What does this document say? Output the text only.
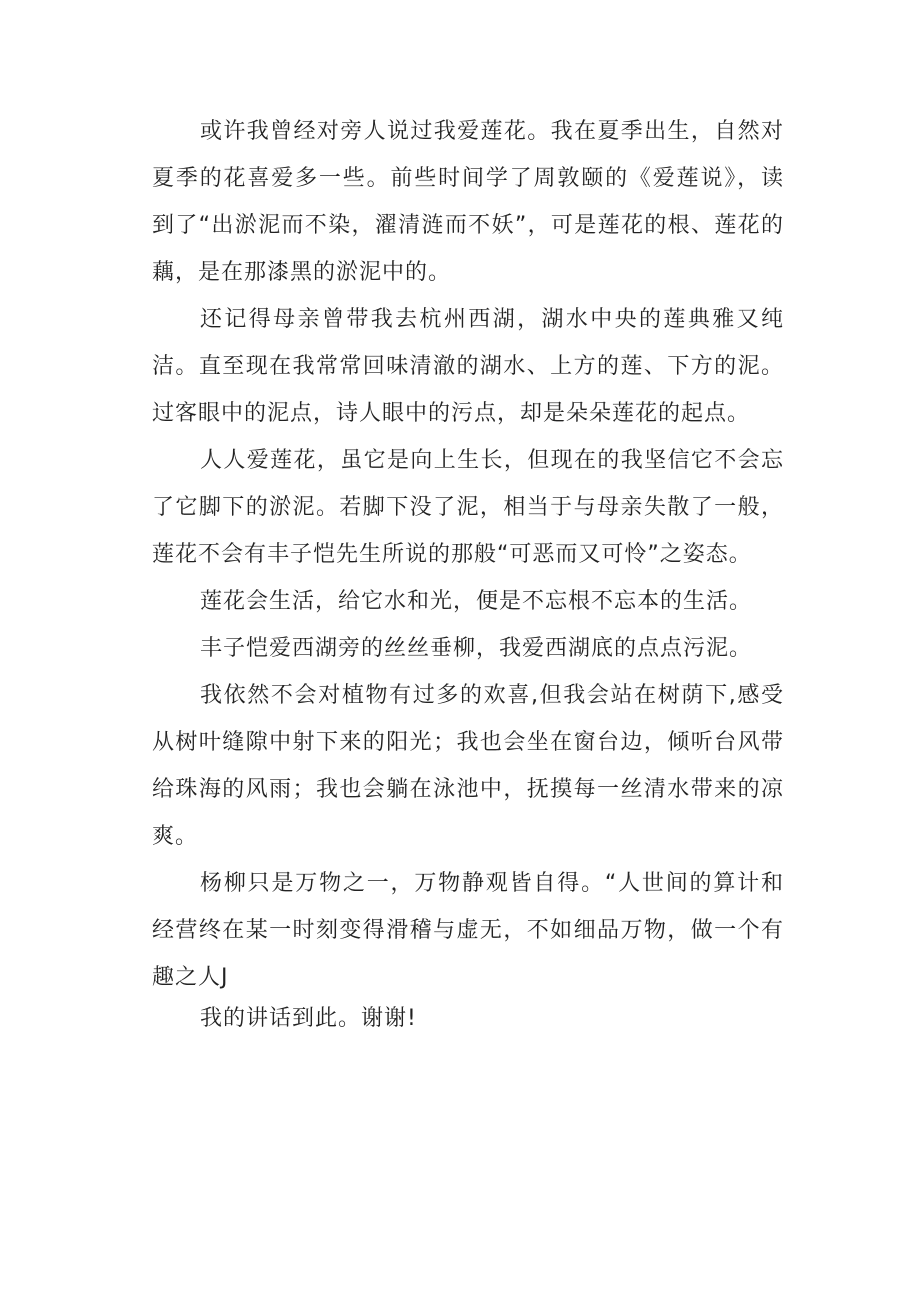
或许我曾经对旁人说过我爱莲花。我在夏季出生，自然对夏季的花喜爱多一些。前些时间学了周敦颐的《爱莲说》，读到了“出淤泥而不染，濯清涟而不妖”，可是莲花的根、莲花的藕，是在那漆黑的淤泥中的。

还记得母亲曾带我去杭州西湖，湖水中央的莲典雅又纯洁。直至现在我常常回味清澈的湖水、上方的莲、下方的泥。过客眼中的泥点，诗人眼中的污点，却是朵朵莲花的起点。

人人爱莲花，虽它是向上生长，但现在的我坚信它不会忘了它脚下的淤泥。若脚下没了泥，相当于与母亲失散了一般，莲花不会有丰子恺先生所说的那般“可恶而又可怜”之姿态。

莲花会生活，给它水和光，便是不忘根不忘本的生活。

丰子恺爱西湖旁的丝丝垂柳，我爱西湖底的点点污泥。

我依然不会对植物有过多的欢喜,但我会站在树荫下,感受从树叶缝隙中射下来的阳光；我也会坐在窗台边，倾听台风带给珠海的风雨；我也会躺在泳池中，抚摸每一丝清水带来的凉爽。

杨柳只是万物之一，万物静观皆自得。“人世间的算计和经营终在某一时刻变得滑稽与虚无，不如细品万物，做一个有趣之人J

我的讲话到此。谢谢!
